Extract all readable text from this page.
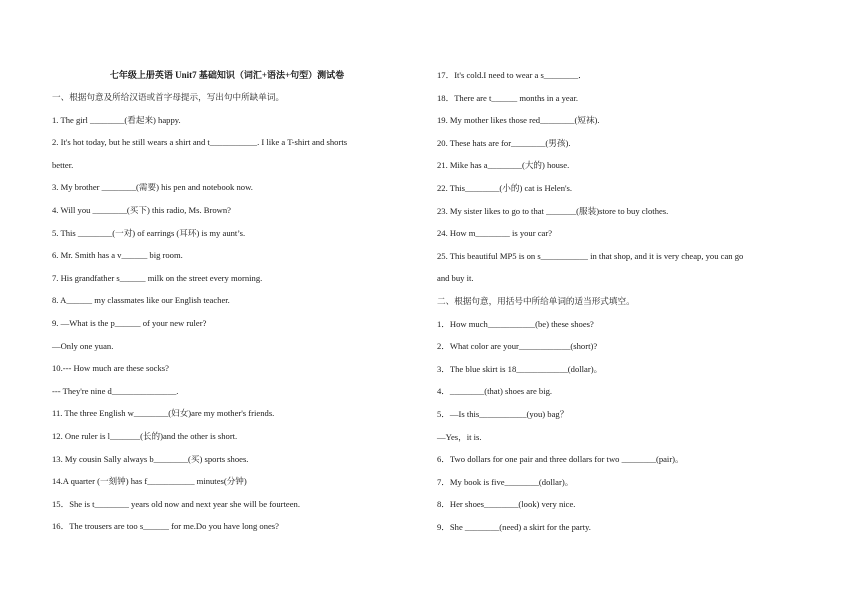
七年级上册英语 Unit7 基础知识（词汇+语法+句型）测试卷
一、根据句意及所给汉语或首字母提示，写出句中所缺单词。
1. The girl ________(看起来) happy.
2. It's hot today, but he still wears a shirt and t___________. I like a T-shirt and shorts
better.
3. My brother ________(需要) his pen and notebook now.
4. Will you ________(买下) this radio, Ms. Brown?
5. This ________(一对) of earrings (耳环) is my aunt’s.
6. Mr. Smith has a v______ big room.
7. His grandfather s______ milk on the street every morning.
8. A______ my classmates like our English teacher.
9. —What is the p______ of your new ruler?
—Only one yuan.
10.--- How much are these socks?
--- They're nine d_______________.
11. The three English w________(妇女)are my mother's friends.
12. One ruler is l_______(长的)and the other is short.
13. My cousin Sally always b________(买) sports shoes.
14.A quarter (一刻钟) has f___________ minutes(分钟)
15．She is t________ years old now and next year she will be fourteen.
16．The trousers are too s______ for me.Do you have long ones?
17．It's cold.I need to wear a s________．
18．There are t______ months in a year.
19. My mother likes those red________(短袜).
20. These hats are for________(男孩).
21. Mike has a________(大的) house.
22. This________(小的) cat is Helen's.
23. My sister likes to go to that _______(服装)store to buy clothes.
24. How m________ is your car?
25. This beautiful MP5 is on s___________ in that shop, and it is very cheap, you can go
and buy it.
二、根据句意，用括号中所给单词的适当形式填空。
1．How much___________(be) these shoes?
2．What color are your____________(short)?
3．The blue skirt is 18____________(dollar)。
4．________(that) shoes are big.
5．—Is this___________(you) bag？
—Yes，it is.
6．Two dollars for one pair and three dollars for two ________(pair)。
7．My book is five________(dollar)。
8．Her shoes________(look) very nice.
9．She ________(need) a skirt for the party.
